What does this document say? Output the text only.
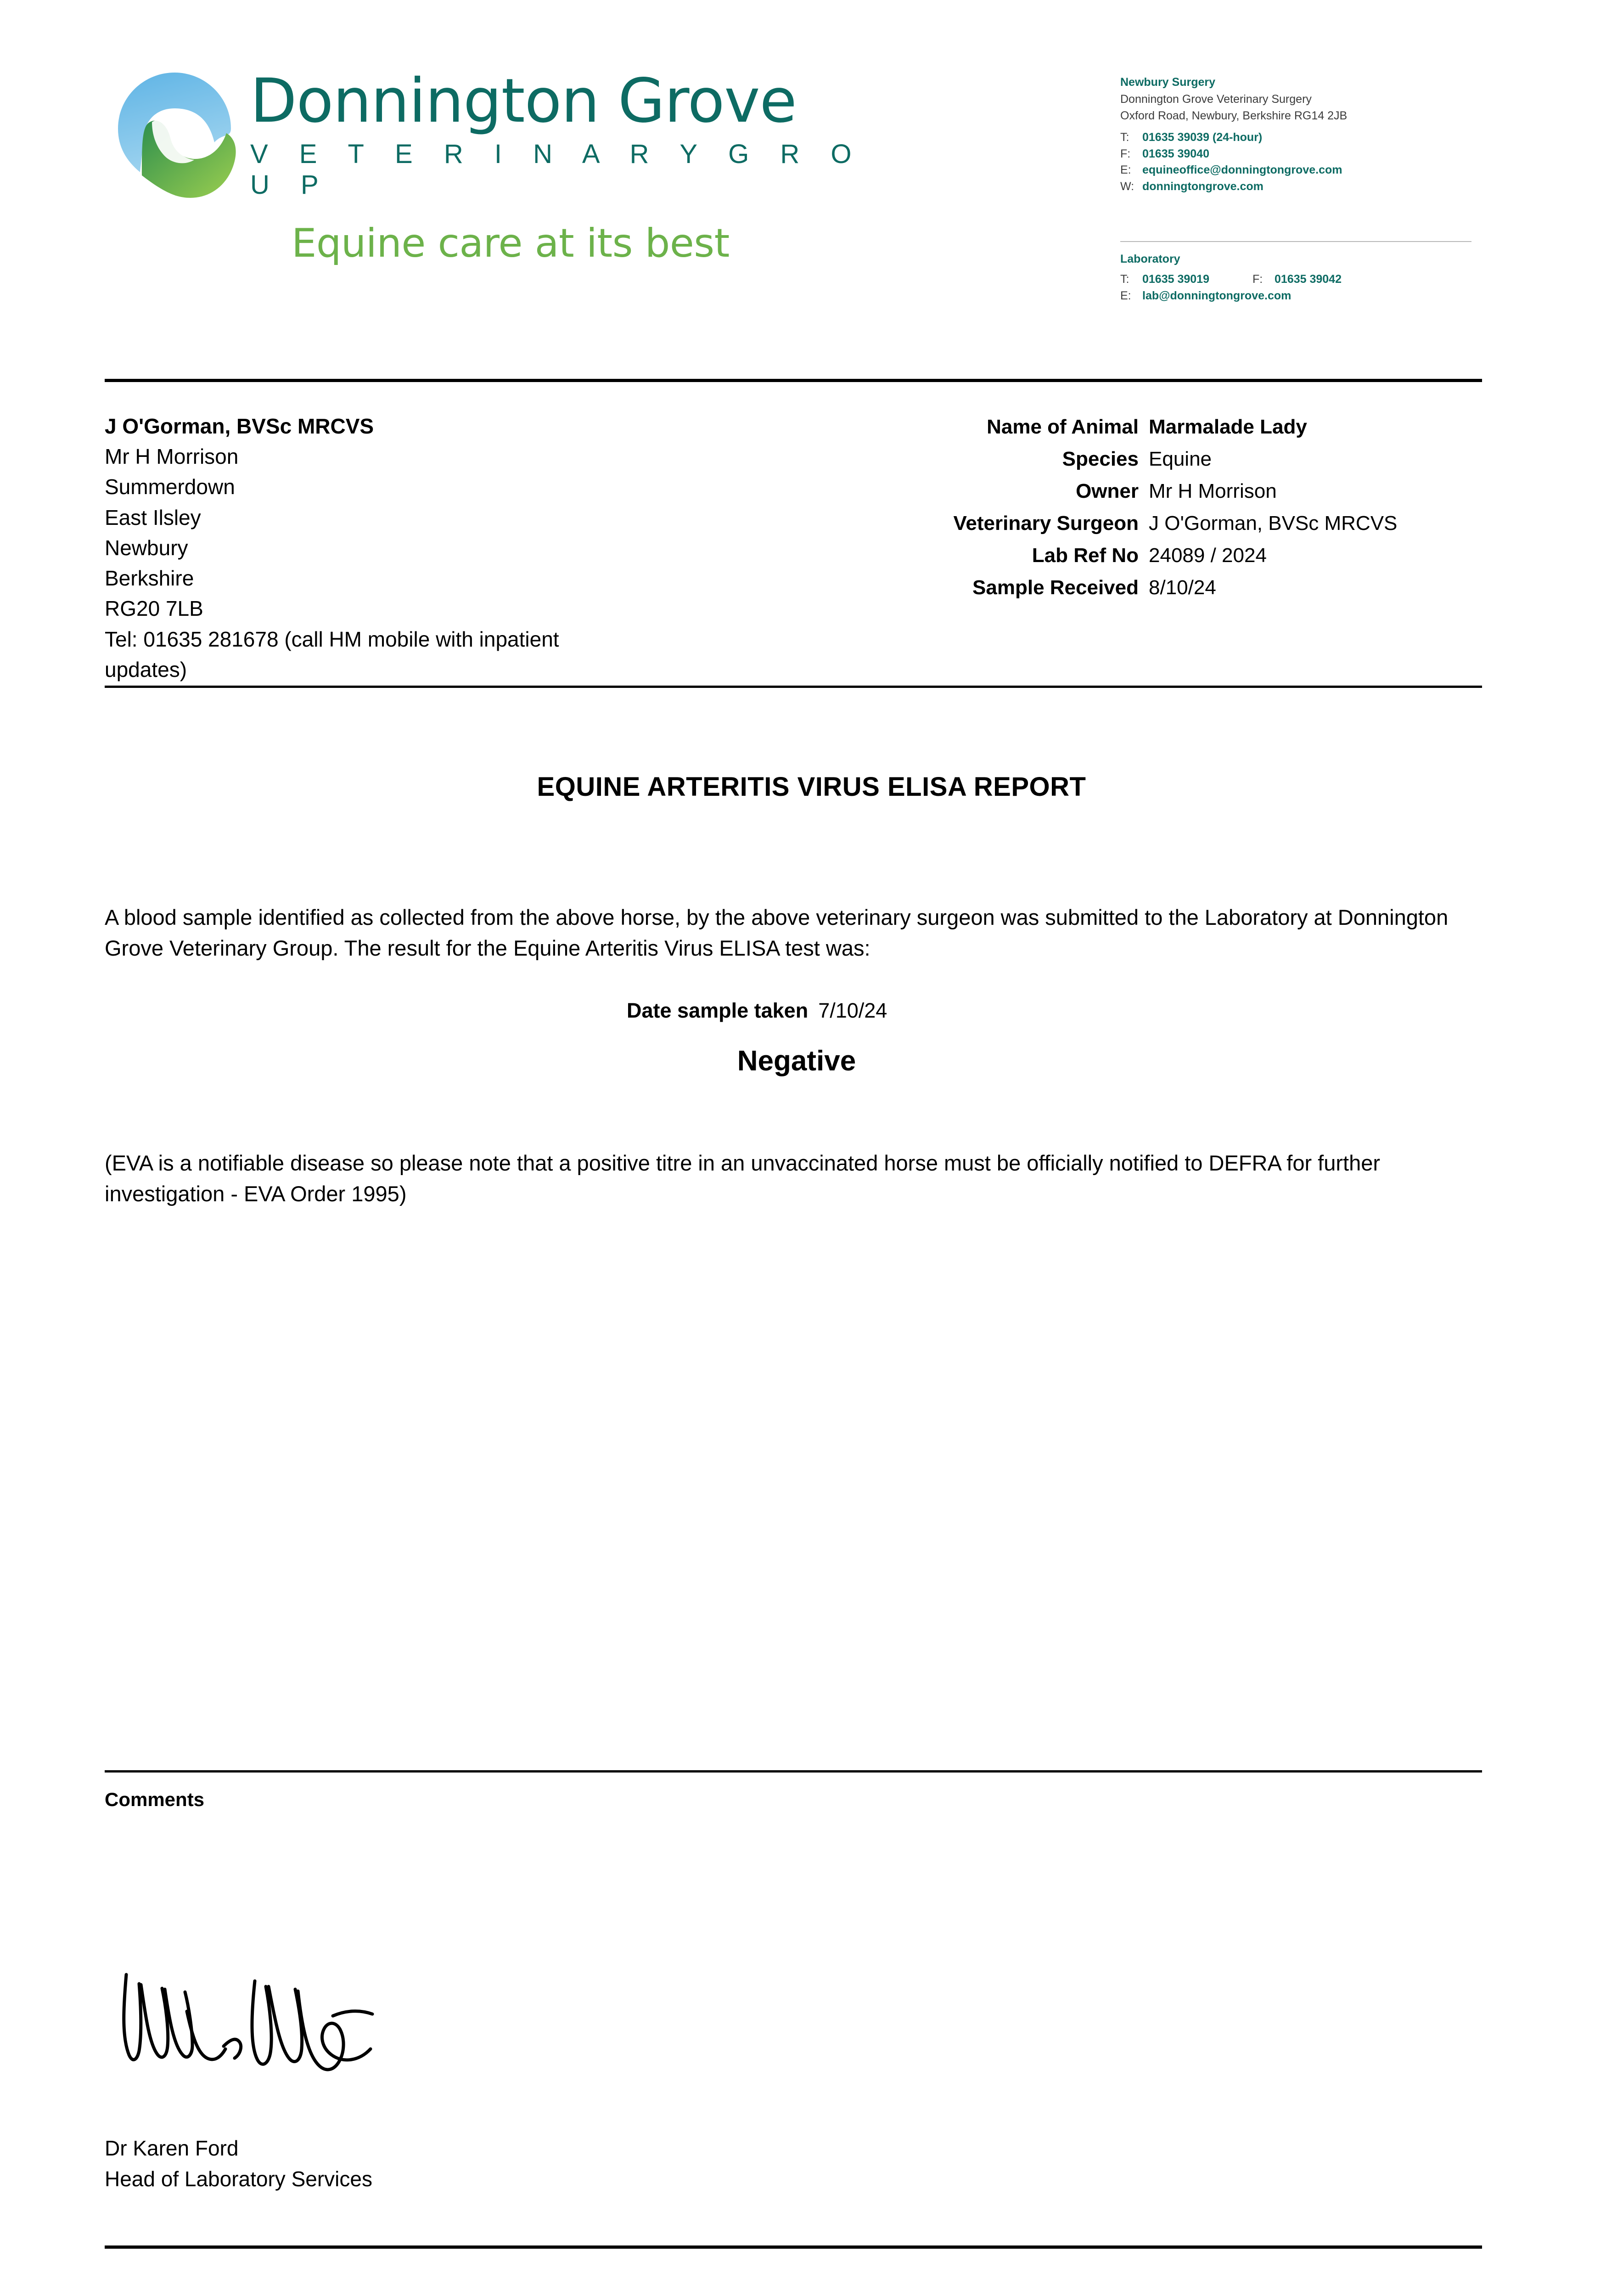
Donnington Grove
V E T E R I N A R Y G R O U P
Equine care at its best
Newbury Surgery
Donnington Grove Veterinary Surgery
Oxford Road, Newbury, Berkshire RG14 2JB
T:	01635 39039 (24-hour)
F:	01635 39040
E: equineoffice@donningtongrove.com
W: donningtongrove.com
Laboratory
T:	01635 39019	F:	01635 39042
E: lab@donningtongrove.com
J O'Gorman, BVSc MRCVS
Mr H Morrison
Summerdown
East Ilsley
Newbury
Berkshire
RG20 7LB
Tel: 01635 281678 (call HM mobile with inpatient
updates)
Name of Animal Marmalade Lady
Species Equine
Owner Mr H Morrison
Veterinary Surgeon J O'Gorman, BVSc MRCVS
Lab Ref No 24089 / 2024
Sample Received 8/10/24
EQUINE ARTERITIS VIRUS ELISA REPORT
A blood sample identified as collected from the above horse, by the above veterinary surgeon was submitted to the Laboratory at Donnington Grove Veterinary Group. The result for the Equine Arteritis Virus ELISA test was:
Date sample taken 7/10/24
Negative
(EVA is a notifiable disease so please note that a positive titre in an unvaccinated horse must be officially notified to DEFRA for further investigation - EVA Order 1995)
Comments
Dr Karen Ford
Head of Laboratory Services
